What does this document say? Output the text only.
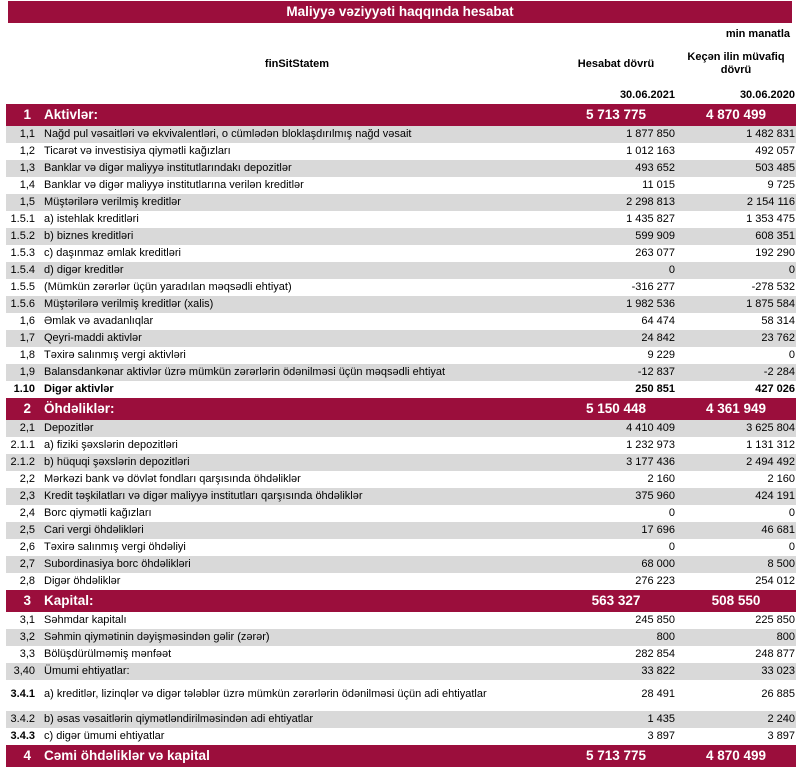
Maliyyə vəziyyəti haqqında hesabat
min manatla
finSitStatem	Hesabat dövrü
Keçən ilin müvafiq dövrü
30.06.2021	30.06.2020
1 Aktivlər:	5 713 775	4 870 499
1,1 Nağd pul vəsaitləri və ekvivalentləri, o cümlədən bloklaşdırılmış nağd vəsait	1 877 850	1 482 831
1,2 Ticarət və investisiya qiymətli kağızları	1 012 163	492 057
1,3 Banklar və digər maliyyə institutlarındakı depozitlər	493 652	503 485
1,4 Banklar və digər maliyyə institutlarına verilən kreditlər	11 015	9 725
1,5 Müştərilərə verilmiş kreditlər	2 298 813	2 154 116
1.5.1 a) istehlak kreditləri	1 435 827	1 353 475
1.5.2 b) biznes kreditləri	599 909	608 351
1.5.3 c) daşınmaz əmlak kreditləri	263 077	192 290
1.5.4 d) digər kreditlər	0	0
1.5.5 (Mümkün zərərlər üçün yaradılan məqsədli ehtiyat)	-316 277	-278 532
1.5.6 Müştərilərə verilmiş kreditlər (xalis)	1 982 536	1 875 584
1,6 Əmlak və avadanlıqlar	64 474	58 314
1,7 Qeyri-maddi aktivlər	24 842	23 762
1,8 Təxirə salınmış vergi aktivləri	9 229	0
1,9 Balansdankənar aktivlər üzrə mümkün zərərlərin ödənilməsi üçün məqsədli ehtiyat	-12 837	-2 284
1.10 Digər aktivlər	250 851	427 026
2 Öhdəliklər:	5 150 448	4 361 949
2,1 Depozitlər	4 410 409	3 625 804
2.1.1 a) fiziki şəxslərin depozitləri	1 232 973	1 131 312
2.1.2 b) hüquqi şəxslərin depozitləri	3 177 436	2 494 492
2,2 Mərkəzi bank və dövlət fondları qarşısında öhdəliklər	2 160	2 160
2,3 Kredit təşkilatları və digər maliyyə institutları qarşısında öhdəliklər	375 960	424 191
2,4 Borc qiymətli kağızları	0	0
2,5 Cari vergi öhdəlikləri	17 696	46 681
2,6 Təxirə salınmış vergi öhdəliyi	0	0
2,7 Subordinasiya borc öhdəlikləri	68 000	8 500
2,8 Digər öhdəliklər	276 223	254 012
3 Kapital:	563 327	508 550
3,1 Səhmdar kapitalı	245 850	225 850
3,2 Səhmin qiymətinin dəyişməsindən gəlir (zərər)	800	800
3,3 Bölüşdürülməmiş mənfəət	282 854	248 877
3,40 Ümumi ehtiyatlar:	33 822	33 023
3.4.1 a) kreditlər, lizinqlər və digər tələblər üzrə mümkün zərərlərin ödənilməsi üçün adi ehtiyatlar	28 491	26 885
3.4.2 b) əsas vəsaitlərin qiymətləndirilməsindən adi ehtiyatlar	1 435	2 240
3.4.3 c) digər ümumi ehtiyatlar	3 897	3 897
4 Cəmi öhdəliklər və kapital	5 713 775	4 870 499
